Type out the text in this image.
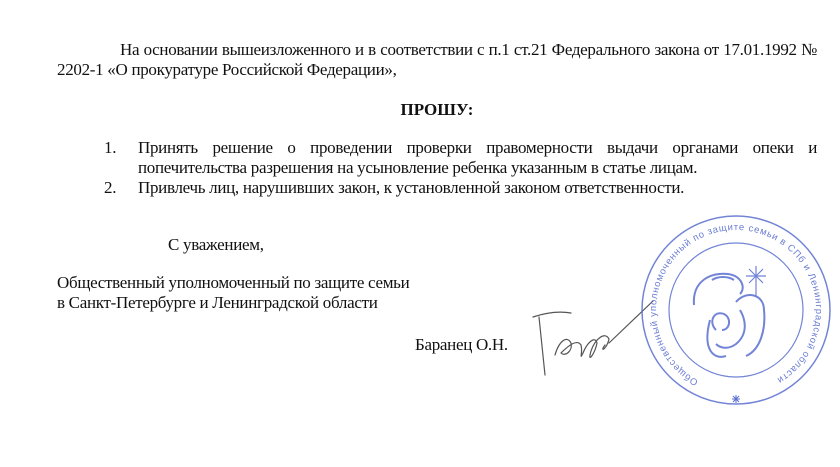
На основании вышеизложенного и в соответствии с п.1 ст.21 Федерального закона от 17.01.1992 № 2202-1 «О прокуратуре Российской Федерации»,
ПРОШУ:
1.	Принять решение о проведении проверки правомерности выдачи органами опеки и попечительства разрешения на усыновление ребенка указанным в статье лицам.
2.	Привлечь лиц, нарушивших закон, к установленной законом ответственности.
С уважением,
Общественный уполномоченный по защите семьи
в Санкт-Петербурге и Ленинградской области
Баранец О.Н.
Общественный уполномоченный по защите семьи в СПб и Ленинградской области
